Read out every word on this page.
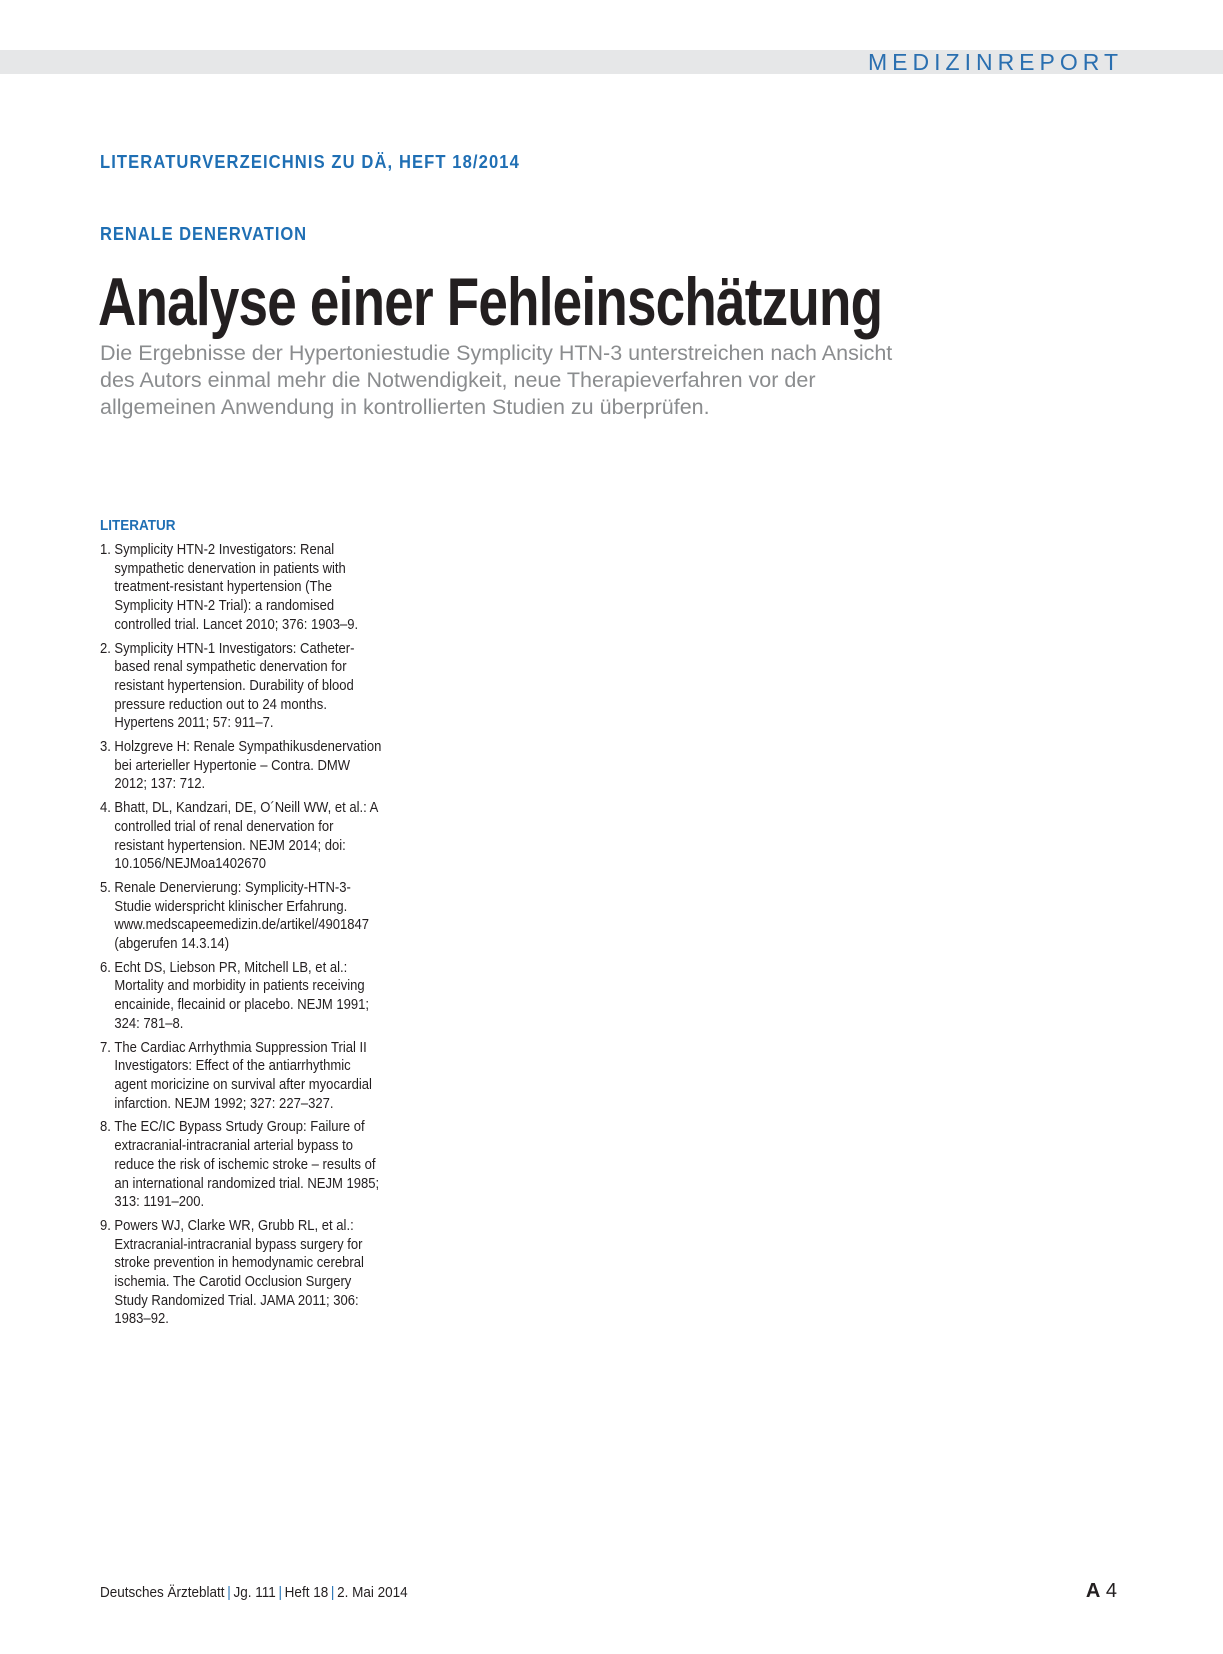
MEDIZINREPORT
LITERATURVERZEICHNIS ZU DÄ, HEFT 18/2014
RENALE DENERVATION
Analyse einer Fehleinschätzung

Die Ergebnisse der Hypertoniestudie Symplicity HTN-3 unterstreichen nach Ansicht des Autors einmal mehr die Notwendigkeit, neue Therapieverfahren vor der allgemeinen Anwendung in kontrollierten Studien zu überprüfen.

LITERATUR
1. Symplicity HTN-2 Investigators: Renal sympathetic denervation in patients with treatment-resistant hypertension (The Symplicity HTN-2 Trial): a randomised controlled trial. Lancet 2010; 376: 1903–9.
2. Symplicity HTN-1 Investigators: Catheter-based renal sympathetic denervation for resistant hypertension. Durability of blood pressure reduction out to 24 months. Hypertens 2011; 57: 911–7.
3. Holzgreve H: Renale Sympathikusdenervation bei arterieller Hypertonie – Contra. DMW 2012; 137: 712.
4. Bhatt, DL, Kandzari, DE, O´Neill WW, et al.: A controlled trial of renal denervation for resistant hypertension. NEJM 2014; doi: 10.1056/NEJMoa1402670
5. Renale Denervierung: Symplicity-HTN-3-Studie widerspricht klinischer Erfahrung. www.medscapeemedizin.de/artikel/4901847 (abgerufen 14.3.14)
6. Echt DS, Liebson PR, Mitchell LB, et al.: Mortality and morbidity in patients receiving encainide, flecainid or placebo. NEJM 1991; 324: 781–8.
7. The Cardiac Arrhythmia Suppression Trial II Investigators: Effect of the antiarrhythmic agent moricizine on survival after myocardial infarction. NEJM 1992; 327: 227–327.
8. The EC/IC Bypass Srtudy Group: Failure of extracranial-intracranial arterial bypass to reduce the risk of ischemic stroke – results of an international randomized trial. NEJM 1985; 313: 1191–200.
9. Powers WJ, Clarke WR, Grubb RL, et al.: Extracranial-intracranial bypass surgery for stroke prevention in hemodynamic cerebral ischemia. The Carotid Occlusion Surgery Study Randomized Trial. JAMA 2011; 306: 1983–92.
Deutsches Ärzteblatt | Jg. 111 | Heft 18 | 2. Mai 2014	A 4
